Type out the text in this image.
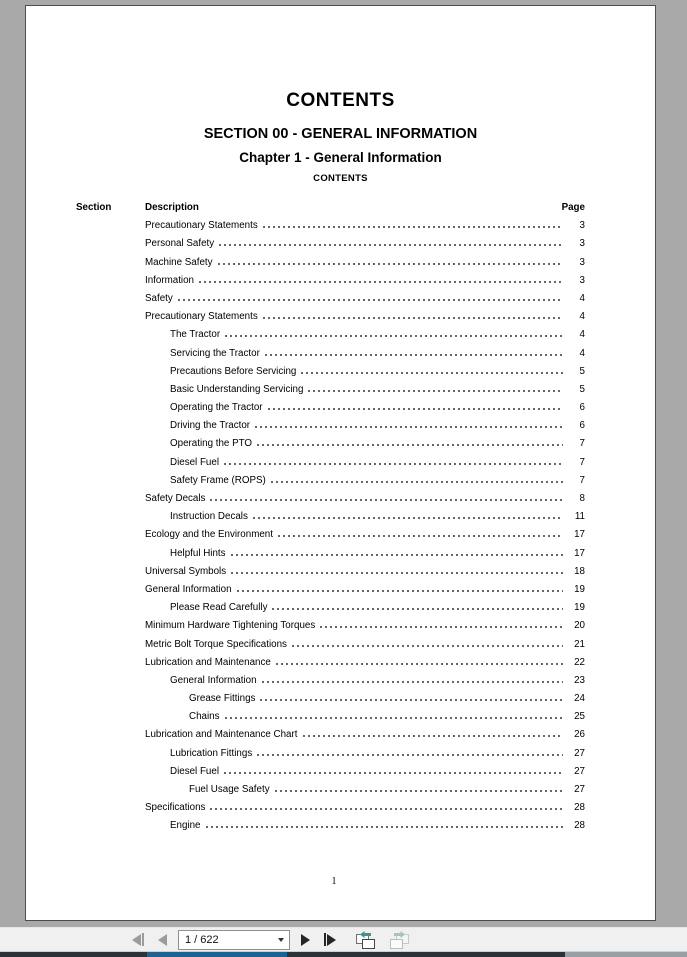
CONTENTS
SECTION 00 - GENERAL INFORMATION
Chapter 1 - General Information
CONTENTS
Section	Description	Page
Precautionary Statements	3
Personal Safety	3
Machine Safety	3
Information	3
Safety	4
Precautionary Statements	4
The Tractor	4
Servicing the Tractor	4
Precautions Before Servicing	5
Basic Understanding Servicing	5
Operating the Tractor	6
Driving the Tractor	6
Operating the PTO	7
Diesel Fuel	7
Safety Frame (ROPS)	7
Safety Decals	8
Instruction Decals	11
Ecology and the Environment	17
Helpful Hints	17
Universal Symbols	18
General Information	19
Please Read Carefully	19
Minimum Hardware Tightening Torques	20
Metric Bolt Torque Specifications	21
Lubrication and Maintenance	22
General Information	23
Grease Fittings	24
Chains	25
Lubrication and Maintenance Chart	26
Lubrication Fittings	27
Diesel Fuel	27
Fuel Usage Safety	27
Specifications	28
Engine	28
1
1 / 622
